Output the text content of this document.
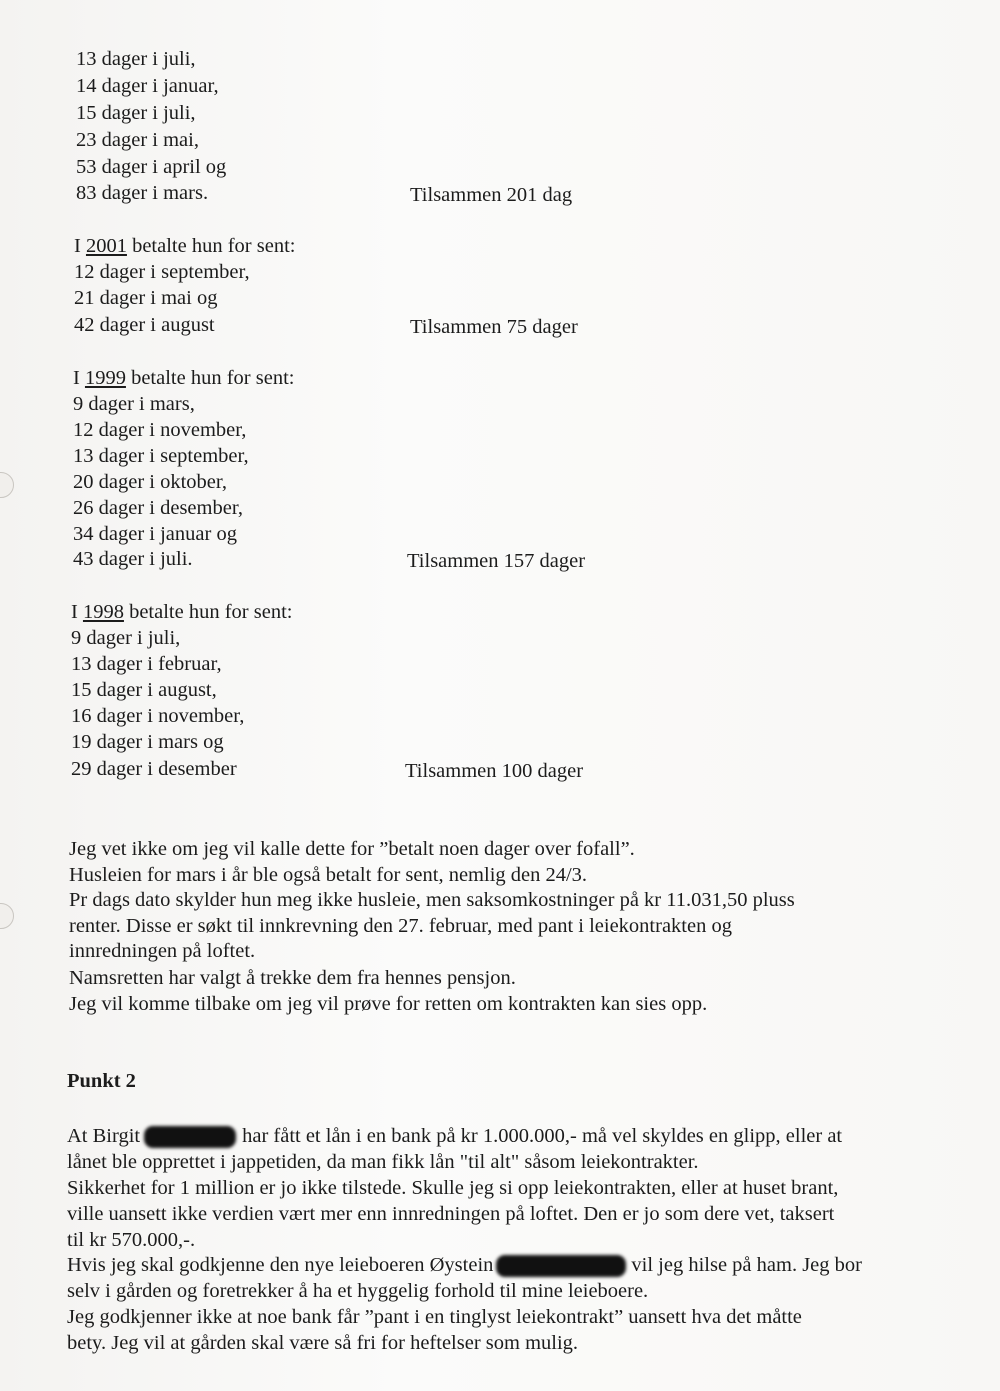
13 dager i juli,
14 dager i januar,
15 dager i juli,
23 dager i mai,
53 dager i april og
83 dager i mars.	Tilsammen 201 dag
I 2001 betalte hun for sent:
12 dager i september,
21 dager i mai og
42 dager i august	Tilsammen 75 dager
I 1999 betalte hun for sent:
9 dager i mars,
12 dager i november,
13 dager i september,
20 dager i oktober,
26 dager i desember,
34 dager i januar og
43 dager i juli.	Tilsammen 157 dager
I 1998 betalte hun for sent:
9 dager i juli,
13 dager i februar,
15 dager i august,
16 dager i november,
19 dager i mars og
29 dager i desember	Tilsammen 100 dager
Jeg vet ikke om jeg vil kalle dette for ”betalt noen dager over fofall”.
Husleien for mars i år ble også betalt for sent, nemlig den 24/3.
Pr dags dato skylder hun meg ikke husleie, men saksomkostninger på kr 11.031,50 pluss
renter. Disse er søkt til innkrevning den 27. februar, med pant i leiekontrakten og
innredningen på loftet.
Namsretten har valgt å trekke dem fra hennes pensjon.
Jeg vil komme tilbake om jeg vil prøve for retten om kontrakten kan sies opp.
Punkt 2
At Birgit	har fått et lån i en bank på kr 1.000.000,- må vel skyldes en glipp, eller at
lånet ble opprettet i jappetiden, da man fikk lån "til alt" såsom leiekontrakter.
Sikkerhet for 1 million er jo ikke tilstede. Skulle jeg si opp leiekontrakten, eller at huset brant,
ville uansett ikke verdien vært mer enn innredningen på loftet. Den er jo som dere vet, taksert
til kr 570.000,-.
Hvis jeg skal godkjenne den nye leieboeren Øystein	vil jeg hilse på ham. Jeg bor
selv i gården og foretrekker å ha et hyggelig forhold til mine leieboere.
Jeg godkjenner ikke at noe bank får ”pant i en tinglyst leiekontrakt” uansett hva det måtte
bety. Jeg vil at gården skal være så fri for heftelser som mulig.
